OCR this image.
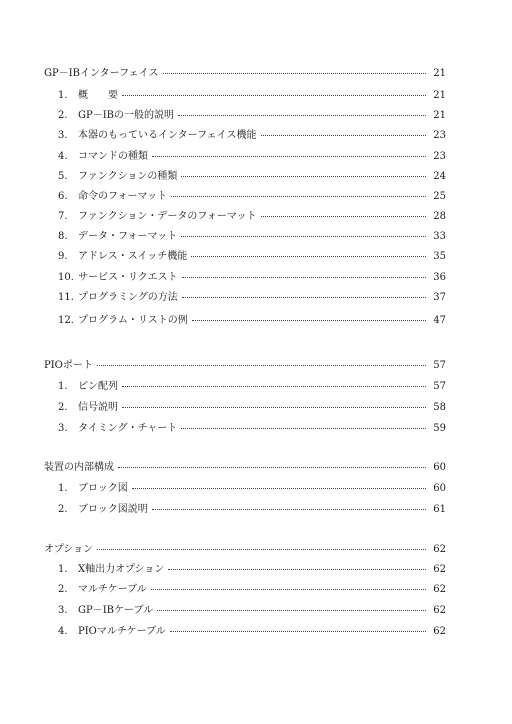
GP－IBインターフェイス	21
1.	概　　要	21
2.	GP－IBの一般的説明	21
3.	本器のもっているインターフェイス機能	23
4.	コマンドの種類	23
5.	ファンクションの種類	24
6.	命令のフォーマット	25
7.	ファンクション・データのフォーマット	28
8.	データ・フォーマット	33
9.	アドレス・スイッチ機能	35
10. サービス・リクエスト	36
11. プログラミングの方法	37
12. プログラム・リストの例	47
PIOポート	57
1.	ピン配列	57
2.	信号説明	58
3.	タイミング・チャート	59
装置の内部構成	60
1.	ブロック図	60
2.	ブロック図説明	61
オプション	62
1.	X軸出力オプション	62
2.	マルチケーブル	62
3.	GP－IBケーブル	62
4.	PIOマルチケーブル	62
